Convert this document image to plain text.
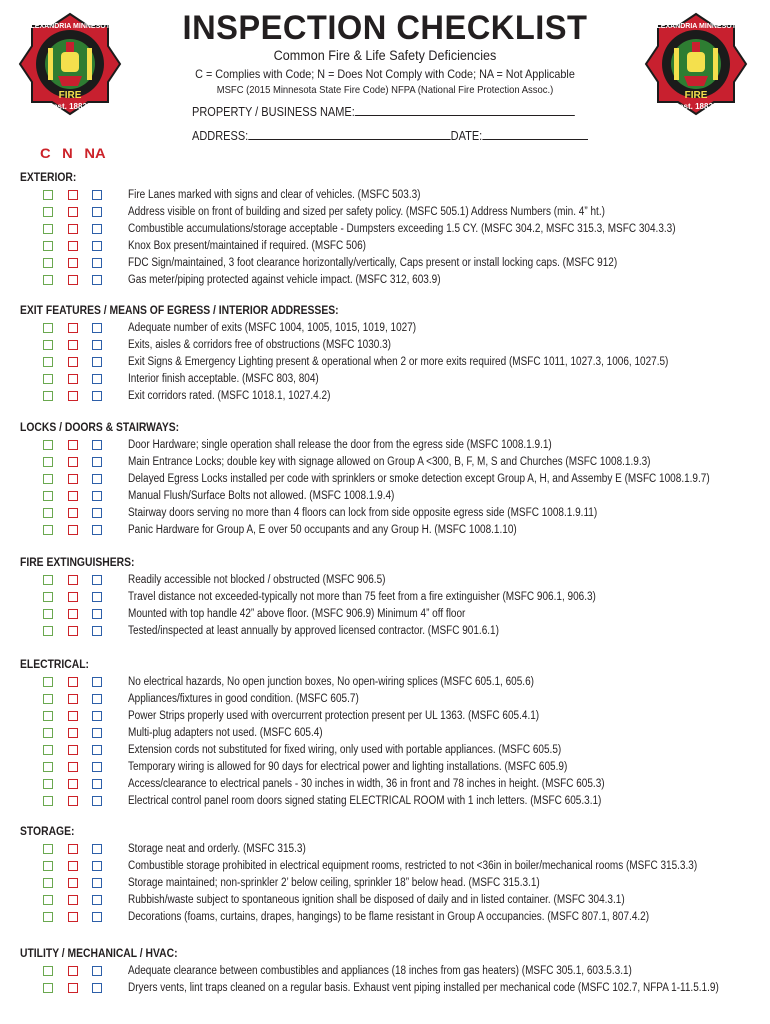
ALEXANDRIA MINNESOTA
FIRE
est. 1883
ALEXANDRIA MINNESOTA
FIRE
est. 1883
INSPECTION CHECKLIST
Common Fire & Life Safety Deficiencies
C = Complies with Code; N = Does Not Comply with Code; NA = Not Applicable
MSFC (2015 Minnesota State Fire Code) NFPA (National Fire Protection Assoc.)
PROPERTY / BUSINESS NAME:
ADDRESS:	DATE:
C N NA
EXTERIOR:
Fire Lanes marked with signs and clear of vehicles. (MSFC 503.3)
Address visible on front of building and sized per safety policy. (MSFC 505.1) Address Numbers (min. 4” ht.)
Combustible accumulations/storage acceptable - Dumpsters exceeding 1.5 CY. (MSFC 304.2, MSFC 315.3, MSFC 304.3.3)
Knox Box present/maintained if required. (MSFC 506)
FDC Sign/maintained, 3 foot clearance horizontally/vertically, Caps present or install locking caps. (MSFC 912)
Gas meter/piping protected against vehicle impact. (MSFC 312, 603.9)
EXIT FEATURES / MEANS OF EGRESS / INTERIOR ADDRESSES:
Adequate number of exits (MSFC 1004, 1005, 1015, 1019, 1027)
Exits, aisles & corridors free of obstructions (MSFC 1030.3)
Exit Signs & Emergency Lighting present & operational when 2 or more exits required (MSFC 1011, 1027.3, 1006, 1027.5)
Interior finish acceptable. (MSFC 803, 804)
Exit corridors rated. (MSFC 1018.1, 1027.4.2)
LOCKS / DOORS & STAIRWAYS:
Door Hardware; single operation shall release the door from the egress side (MSFC 1008.1.9.1)
Main Entrance Locks; double key with signage allowed on Group A <300, B, F, M, S and Churches (MSFC 1008.1.9.3)
Delayed Egress Locks installed per code with sprinklers or smoke detection except Group A, H, and Assemby E (MSFC 1008.1.9.7)
Manual Flush/Surface Bolts not allowed. (MSFC 1008.1.9.4)
Stairway doors serving no more than 4 floors can lock from side opposite egress side (MSFC 1008.1.9.11)
Panic Hardware for Group A, E over 50 occupants and any Group H. (MSFC 1008.1.10)
FIRE EXTINGUISHERS:
Readily accessible not blocked / obstructed (MSFC 906.5)
Travel distance not exceeded-typically not more than 75 feet from a fire extinguisher (MSFC 906.1, 906.3)
Mounted with top handle 42” above floor. (MSFC 906.9) Minimum 4” off floor
Tested/inspected at least annually by approved licensed contractor. (MSFC 901.6.1)
ELECTRICAL:
No electrical hazards, No open junction boxes, No open-wiring splices (MSFC 605.1, 605.6)
Appliances/fixtures in good condition. (MSFC 605.7)
Power Strips properly used with overcurrent protection present per UL 1363. (MSFC 605.4.1)
Multi-plug adapters not used. (MSFC 605.4)
Extension cords not substituted for fixed wiring, only used with portable appliances. (MSFC 605.5)
Temporary wiring is allowed for 90 days for electrical power and lighting installations. (MSFC 605.9)
Access/clearance to electrical panels - 30 inches in width, 36 in front and 78 inches in height. (MSFC 605.3)
Electrical control panel room doors signed stating ELECTRICAL ROOM with 1 inch letters. (MSFC 605.3.1)
STORAGE:
Storage neat and orderly. (MSFC 315.3)
Combustible storage prohibited in electrical equipment rooms, restricted to not <36in in boiler/mechanical rooms (MSFC 315.3.3)
Storage maintained; non-sprinkler 2’ below ceiling, sprinkler 18” below head. (MSFC 315.3.1)
Rubbish/waste subject to spontaneous ignition shall be disposed of daily and in listed container. (MSFC 304.3.1)
Decorations (foams, curtains, drapes, hangings) to be flame resistant in Group A occupancies. (MSFC 807.1, 807.4.2)
UTILITY / MECHANICAL / HVAC:
Adequate clearance between combustibles and appliances (18 inches from gas heaters) (MSFC 305.1, 603.5.3.1)
Dryers vents, lint traps cleaned on a regular basis. Exhaust vent piping installed per mechanical code (MSFC 102.7, NFPA 1-11.5.1.9)
